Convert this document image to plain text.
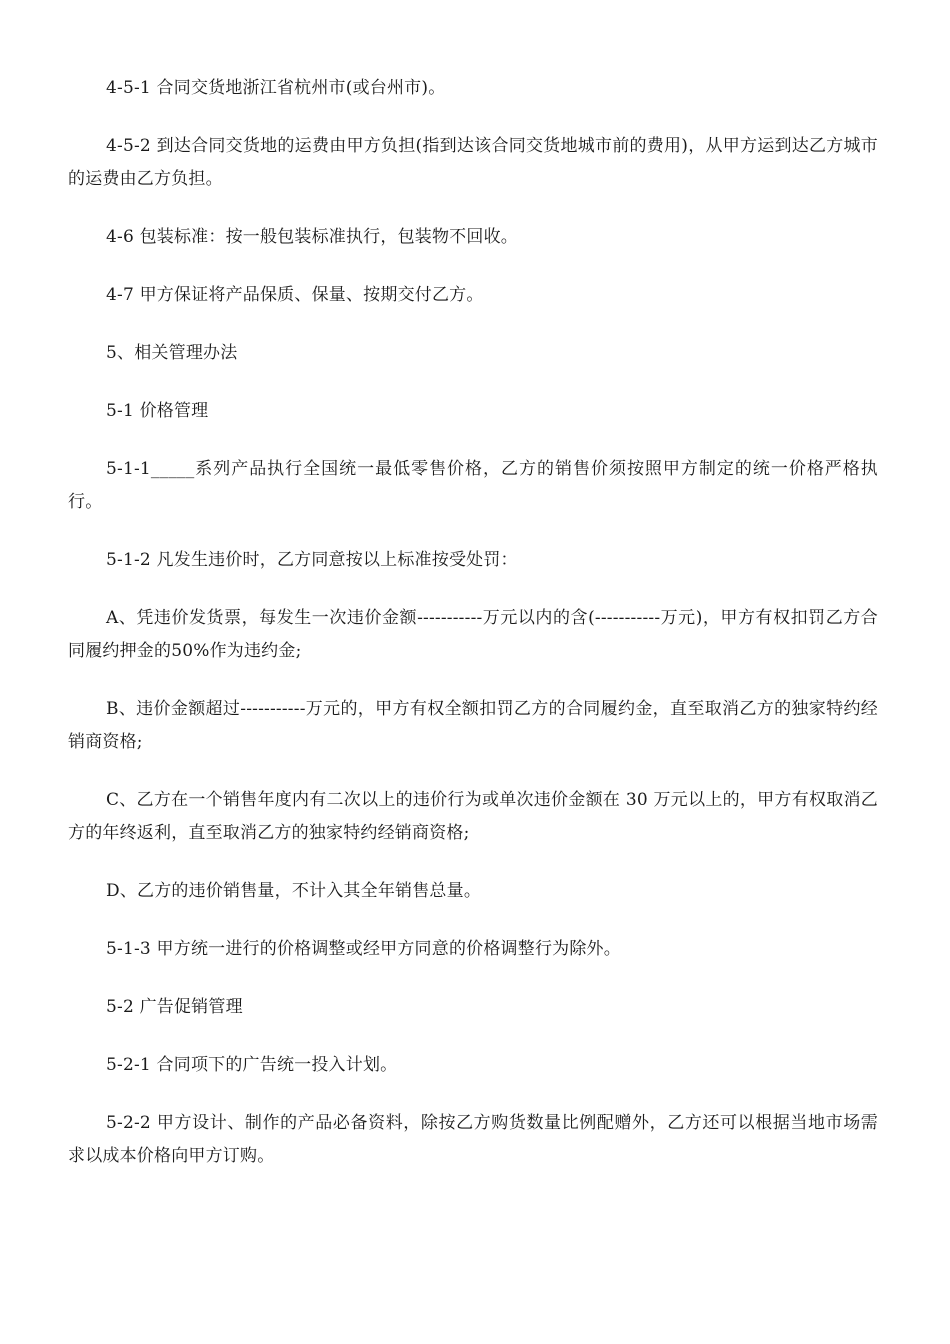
4-5-1 合同交货地浙江省杭州市(或台州市)。

4-5-2 到达合同交货地的运费由甲方负担(指到达该合同交货地城市前的费用)，从甲方运到达乙方城市的运费由乙方负担。

4-6 包装标准：按一般包装标准执行，包装物不回收。

4-7 甲方保证将产品保质、保量、按期交付乙方。

5、相关管理办法

5-1 价格管理

5-1-1_____系列产品执行全国统一最低零售价格，乙方的销售价须按照甲方制定的统一价格严格执行。

5-1-2 凡发生违价时，乙方同意按以上标准按受处罚：

A、凭违价发货票，每发生一次违价金额-----------万元以内的含(-----------万元)，甲方有权扣罚乙方合同履约押金的50%作为违约金;

B、违价金额超过-----------万元的，甲方有权全额扣罚乙方的合同履约金，直至取消乙方的独家特约经销商资格;

C、乙方在一个销售年度内有二次以上的违价行为或单次违价金额在 30 万元以上的，甲方有权取消乙方的年终返利，直至取消乙方的独家特约经销商资格;

D、乙方的违价销售量，不计入其全年销售总量。

5-1-3 甲方统一进行的价格调整或经甲方同意的价格调整行为除外。

5-2 广告促销管理

5-2-1 合同项下的广告统一投入计划。

5-2-2 甲方设计、制作的产品必备资料，除按乙方购货数量比例配赠外，乙方还可以根据当地市场需求以成本价格向甲方订购。
